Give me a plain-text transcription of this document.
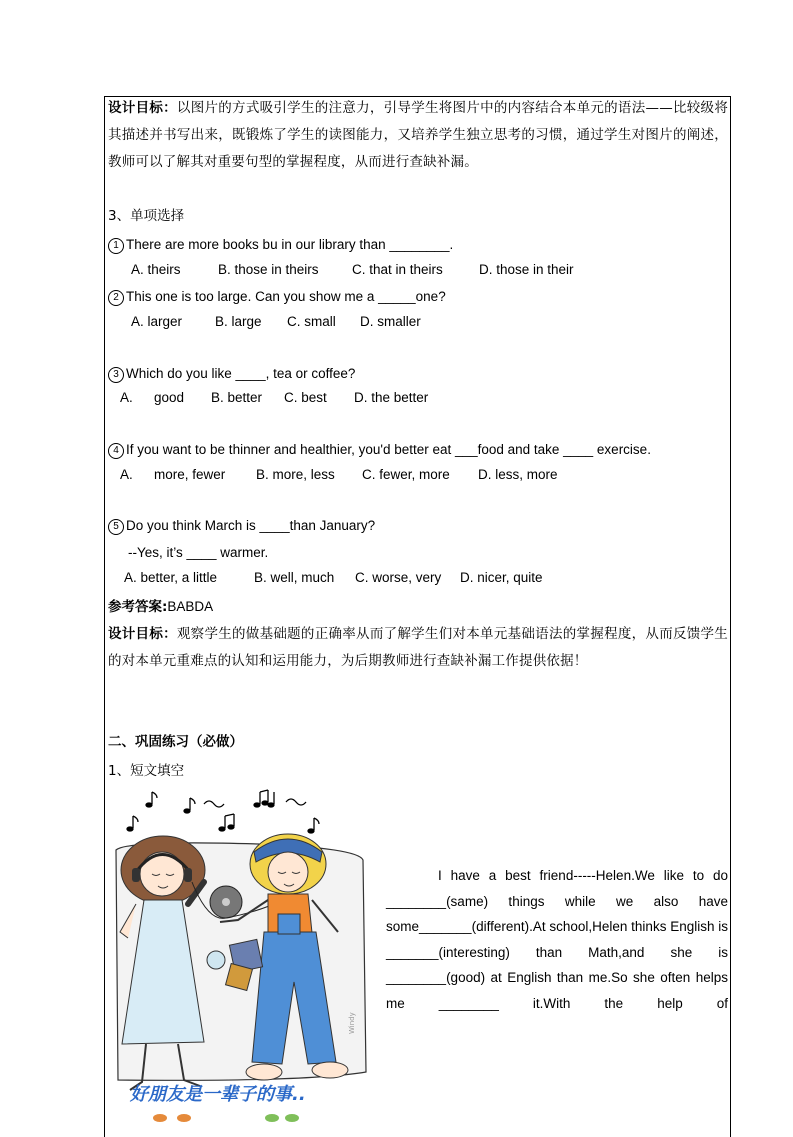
设计目标：以图片的方式吸引学生的注意力，引导学生将图片中的内容结合本单元的语法——比较级将其描述并书写出来，既锻炼了学生的读图能力，又培养学生独立思考的习惯，通过学生对图片的阐述，教师可以了解其对重要句型的掌握程度，从而进行查缺补漏。
3、单项选择
1 There are more books bu in our library than ________.
A. theirs	B. those in theirs C. that in theirs	D. those in their
2 This one is too large. Can you show me a _____one?
A. larger B. large C. small D. smaller
3 Which do you like ____, tea or coffee?
A. good B. better C. best D. the better
4 If you want to be thinner and healthier, you'd better eat ___food and take ____ exercise.
A. more, fewer B. more, less C. fewer, more D. less, more
5 Do you think March is ____than January?
--Yes, it’s ____ warmer.
A. better, a little	B. well, much C. worse, very D. nicer, quite
参考答案:BABDA
设计目标：观察学生的做基础题的正确率从而了解学生们对本单元基础语法的掌握程度，从而反馈学生的对本单元重难点的认知和运用能力，为后期教师进行查缺补漏工作提供依据！
二、巩固练习（必做）
1、短文填空
好朋友是一辈子的事..
Windy
I have a best friend-----Helen.We like to do ________(same) things while we also have some_______(different).At school,Helen thinks English is _______(interesting) than Math,and she is ________(good) at English than me.So she often helps me ________ it.With the help of
